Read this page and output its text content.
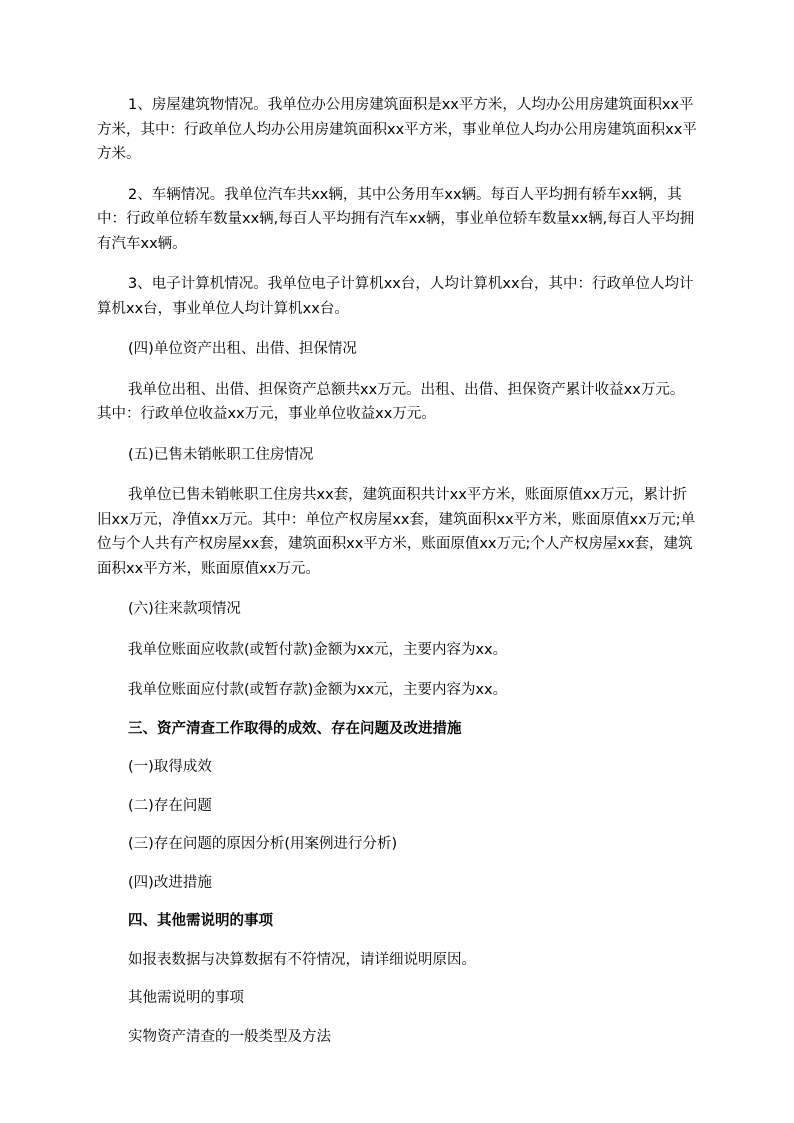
1、房屋建筑物情况。我单位办公用房建筑面积是xx平方米，人均办公用房建筑面积xx平方米，其中：行政单位人均办公用房建筑面积xx平方米，事业单位人均办公用房建筑面积xx平方米。

2、车辆情况。我单位汽车共xx辆，其中公务用车xx辆。每百人平均拥有轿车xx辆，其中：行政单位轿车数量xx辆,每百人平均拥有汽车xx辆，事业单位轿车数量xx辆,每百人平均拥有汽车xx辆。

3、电子计算机情况。我单位电子计算机xx台，人均计算机xx台，其中：行政单位人均计算机xx台，事业单位人均计算机xx台。

(四)单位资产出租、出借、担保情况

我单位出租、出借、担保资产总额共xx万元。出租、出借、担保资产累计收益xx万元。其中：行政单位收益xx万元，事业单位收益xx万元。

(五)已售未销帐职工住房情况

我单位已售未销帐职工住房共xx套，建筑面积共计xx平方米，账面原值xx万元，累计折旧xx万元，净值xx万元。其中：单位产权房屋xx套，建筑面积xx平方米，账面原值xx万元;单位与个人共有产权房屋xx套，建筑面积xx平方米，账面原值xx万元;个人产权房屋xx套，建筑面积xx平方米，账面原值xx万元。

(六)往来款项情况

我单位账面应收款(或暂付款)金额为xx元，主要内容为xx。

我单位账面应付款(或暂存款)金额为xx元，主要内容为xx。

三、资产清查工作取得的成效、存在问题及改进措施

(一)取得成效

(二)存在问题

(三)存在问题的原因分析(用案例进行分析)

(四)改进措施

四、其他需说明的事项

如报表数据与决算数据有不符情况，请详细说明原因。

其他需说明的事项

实物资产清查的一般类型及方法
